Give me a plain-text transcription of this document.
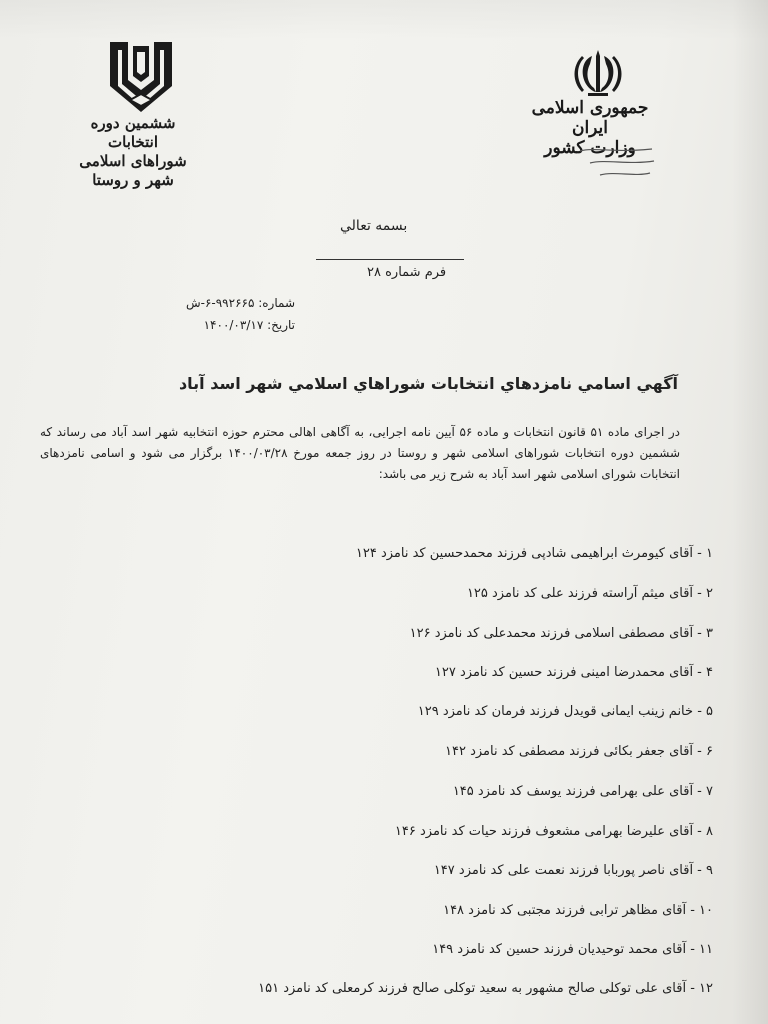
ششمین دوره انتخابات
شوراهای اسلامی شهر و روستا
جمهوری اسلامی ایران
وزارت کشور
بسمه تعالي
فرم شماره ۲۸
شماره: ۹۹۲۶۶۵-۶-ش
تاریخ: ۱۴۰۰/۰۳/۱۷
آگهي اسامي نامزدهاي انتخابات شوراهاي اسلامي شهر اسد آباد
در اجرای ماده ۵۱ قانون انتخابات و ماده ۵۶ آیین نامه اجرایی، به آگاهی اهالی محترم حوزه انتخابیه شهر اسد آباد می رساند که ششمین دوره انتخابات شوراهای اسلامی شهر و روستا در روز جمعه مورخ ۱۴۰۰/۰۳/۲۸ برگزار می شود و اسامی نامزدهای انتخابات شورای اسلامی شهر اسد آباد به شرح زیر می باشد:
۱ - آقای کیومرث ابراهیمی شادپی فرزند محمدحسین کد نامزد ۱۲۴
۲ - آقای میثم آراسته فرزند علی کد نامزد ۱۲۵
۳ - آقای مصطفی اسلامی فرزند محمدعلی کد نامزد ۱۲۶
۴ - آقای محمدرضا امینی فرزند حسین کد نامزد ۱۲۷
۵ - خانم زینب ایمانی قویدل فرزند فرمان کد نامزد ۱۲۹
۶ - آقای جعفر بکائی فرزند مصطفی کد نامزد ۱۴۲
۷ - آقای علی بهرامی فرزند یوسف کد نامزد ۱۴۵
۸ - آقای علیرضا بهرامی مشعوف فرزند حیات کد نامزد ۱۴۶
۹ - آقای ناصر پوربابا فرزند نعمت علی کد نامزد ۱۴۷
۱۰ - آقای مظاهر ترابی فرزند مجتبی کد نامزد ۱۴۸
۱۱ - آقای محمد توحیدیان فرزند حسین کد نامزد ۱۴۹
۱۲ - آقای علی توکلی صالح مشهور به سعید توکلی صالح فرزند کرمعلی کد نامزد ۱۵۱
